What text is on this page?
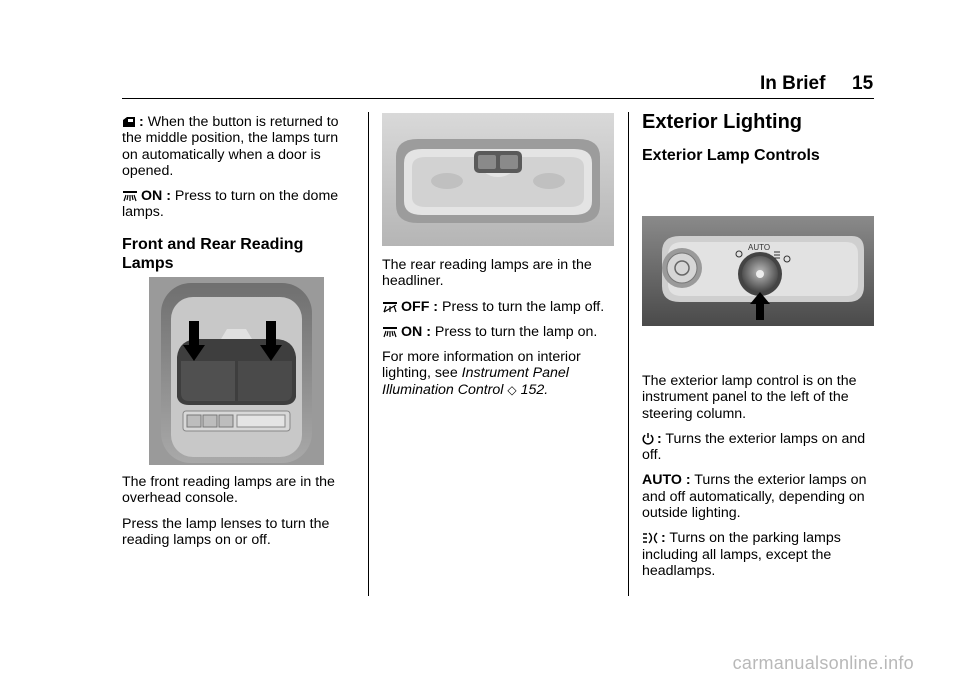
In Brief 15

: When the button is returned to the middle position, the lamps turn on automatically when a door is opened.

ON : Press to turn on the dome lamps.

Front and Rear Reading Lamps

The front reading lamps are in the overhead console.

Press the lamp lenses to turn the reading lamps on or off.

The rear reading lamps are in the headliner.

OFF : Press to turn the lamp off.

ON : Press to turn the lamp on.

For more information on interior lighting, see Instrument Panel Illumination Control ◇ 152.

Exterior Lighting
Exterior Lamp Controls
AUTO

The exterior lamp control is on the instrument panel to the left of the steering column.

: Turns the exterior lamps on and off.

AUTO : Turns the exterior lamps on and off automatically, depending on outside lighting.

: Turns on the parking lamps including all lamps, except the headlamps.

carmanualsonline.info
